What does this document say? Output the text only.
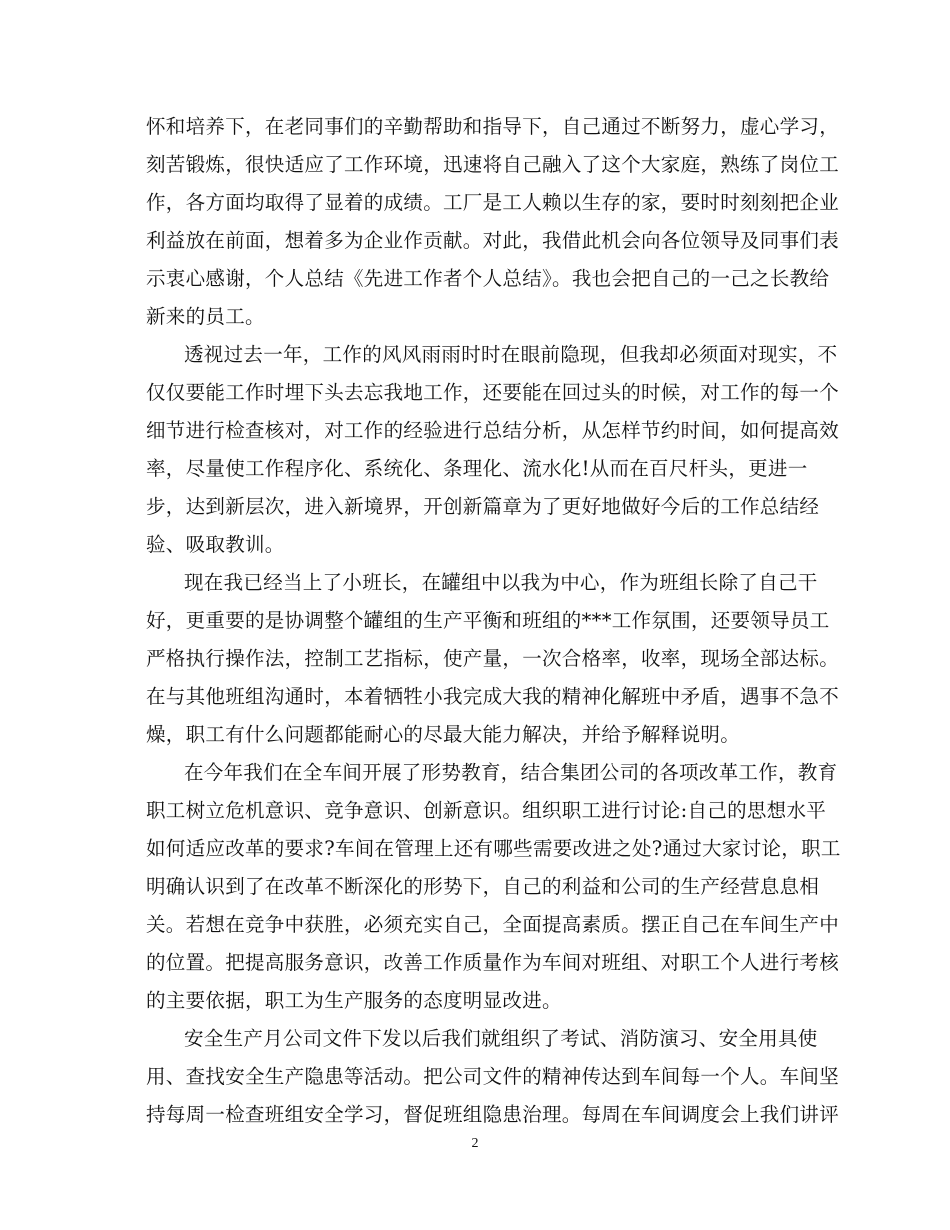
怀和培养下，在老同事们的辛勤帮助和指导下，自己通过不断努力，虚心学习，
刻苦锻炼，很快适应了工作环境，迅速将自己融入了这个大家庭，熟练了岗位工
作，各方面均取得了显着的成绩。工厂是工人赖以生存的家，要时时刻刻把企业
利益放在前面，想着多为企业作贡献。对此，我借此机会向各位领导及同事们表
示衷心感谢，个人总结《先进工作者个人总结》。我也会把自己的一己之长教给
新来的员工。
透视过去一年，工作的风风雨雨时时在眼前隐现，但我却必须面对现实，不
仅仅要能工作时埋下头去忘我地工作，还要能在回过头的时候，对工作的每一个
细节进行检查核对，对工作的经验进行总结分析，从怎样节约时间，如何提高效
率，尽量使工作程序化、系统化、条理化、流水化!从而在百尺杆头，更进一
步，达到新层次，进入新境界，开创新篇章为了更好地做好今后的工作总结经
验、吸取教训。
现在我已经当上了小班长，在罐组中以我为中心，作为班组长除了自己干
好，更重要的是协调整个罐组的生产平衡和班组的***工作氛围，还要领导员工
严格执行操作法，控制工艺指标，使产量，一次合格率，收率，现场全部达标。
在与其他班组沟通时，本着牺牲小我完成大我的精神化解班中矛盾，遇事不急不
燥，职工有什么问题都能耐心的尽最大能力解决，并给予解释说明。
在今年我们在全车间开展了形势教育，结合集团公司的各项改革工作，教育
职工树立危机意识、竞争意识、创新意识。组织职工进行讨论:自己的思想水平
如何适应改革的要求?车间在管理上还有哪些需要改进之处?通过大家讨论，职工
明确认识到了在改革不断深化的形势下，自己的利益和公司的生产经营息息相
关。若想在竞争中获胜，必须充实自己，全面提高素质。摆正自己在车间生产中
的位置。把提高服务意识，改善工作质量作为车间对班组、对职工个人进行考核
的主要依据，职工为生产服务的态度明显改进。
安全生产月公司文件下发以后我们就组织了考试、消防演习、安全用具使
用、查找安全生产隐患等活动。把公司文件的精神传达到车间每一个人。车间坚
持每周一检查班组安全学习，督促班组隐患治理。每周在车间调度会上我们讲评
2
